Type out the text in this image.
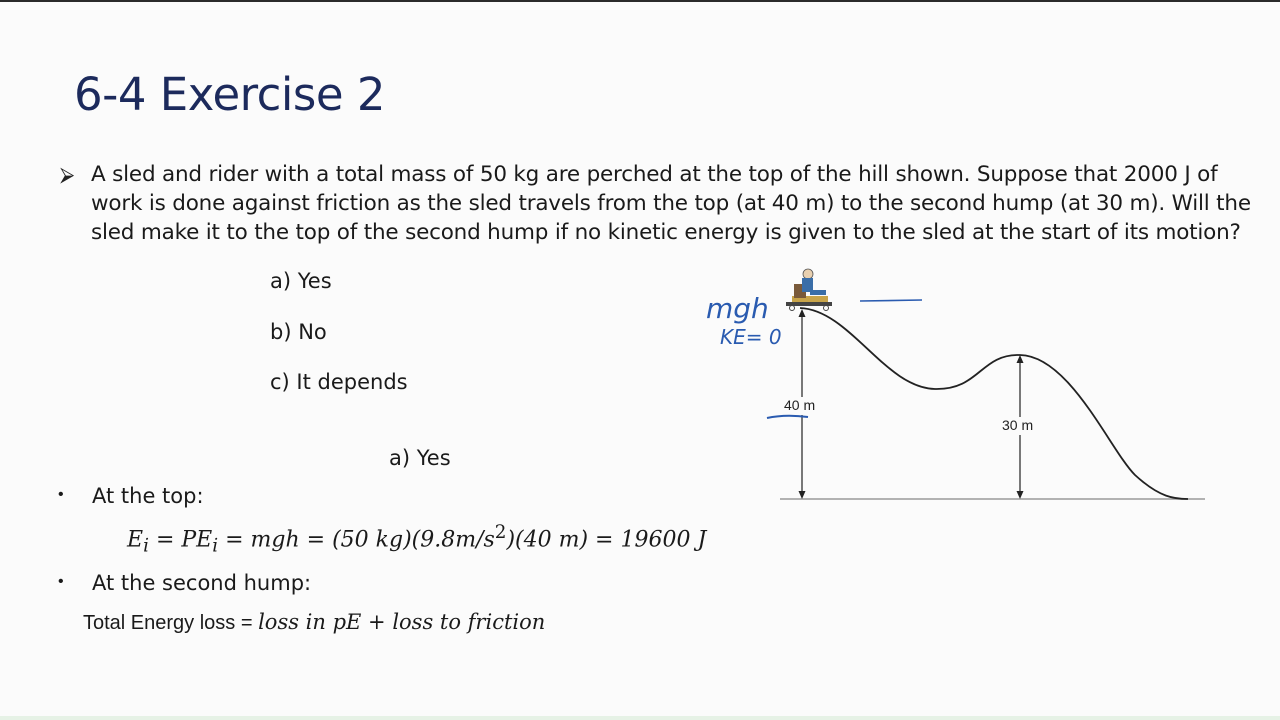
6-4 Exercise 2
⮚ A sled and rider with a total mass of 50 kg are perched at the top of the hill shown. Suppose that 2000 J of work is done against friction as the sled travels from the top (at 40 m) to the second hump (at 30 m). Will the sled make it to the top of the second hump if no kinetic energy is given to the sled at the start of its motion?
a) Yes
b) No
c) It depends
a) Yes
• At the top:
$E_i = PE_i$ = mgh = (50 $kg)(9.8m/s^2)(40$ m) = 19600 J
• At the second hump:
Total Energy loss = loss in pE + loss to friction
40 m
30 m
mgh
KE= 0
